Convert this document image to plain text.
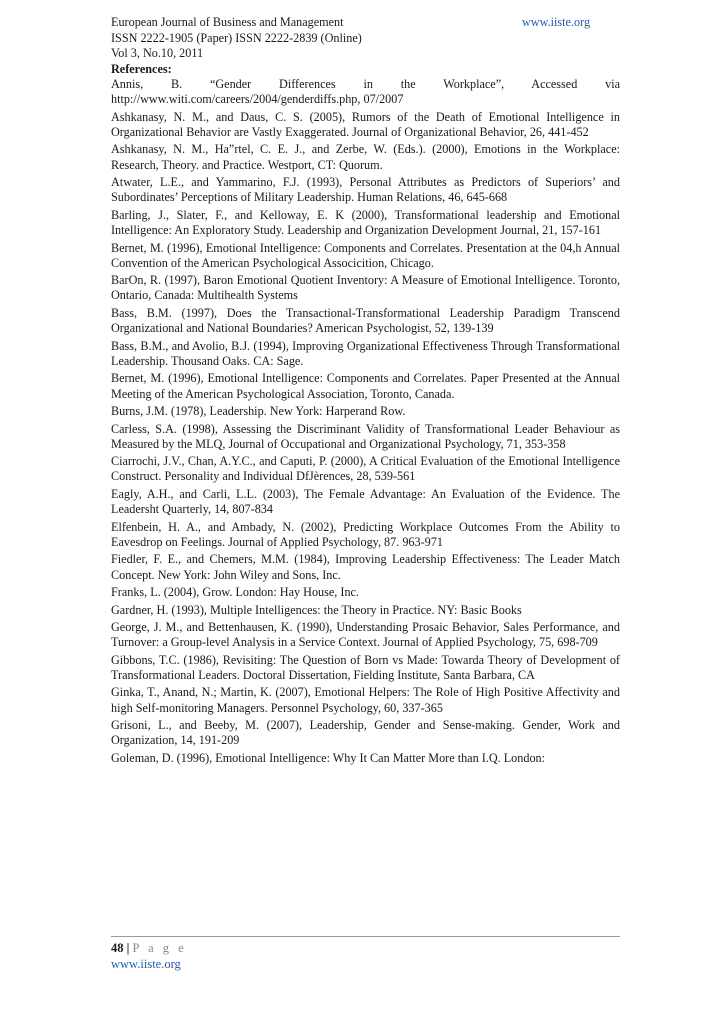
European Journal of Business and Management	www.iiste.org
ISSN 2222-1905 (Paper) ISSN 2222-2839 (Online)
Vol 3, No.10, 2011
References:

Annis, B. “Gender Differences in the Workplace”, Accessed via http://www.witi.com/careers/2004/genderdiffs.php, 07/2007

Ashkanasy, N. M., and Daus, C. S. (2005), Rumors of the Death of Emotional Intelligence in Organizational Behavior are Vastly Exaggerated. Journal of Organizational Behavior, 26, 441-452

Ashkanasy, N. M., Ha”rtel, C. E. J., and Zerbe, W. (Eds.). (2000), Emotions in the Workplace: Research, Theory. and Practice. Westport, CT: Quorum.

Atwater, L.E., and Yammarino, F.J. (1993), Personal Attributes as Predictors of Superiors’ and Subordinates’ Perceptions of Military Leadership. Human Relations, 46, 645-668

Barling, J., Slater, F., and Kelloway, E. K (2000), Transformational leadership and Emotional Intelligence: An Exploratory Study. Leadership and Organization Development Journal, 21, 157-161

Bernet, M. (1996), Emotional Intelligence: Components and Correlates. Presentation at the 04,h Annual Convention of the American Psychological Associcition, Chicago.

BarOn, R. (1997), Baron Emotional Quotient Inventory: A Measure of Emotional Intelligence. Toronto, Ontario, Canada: Multihealth Systems

Bass, B.M. (1997), Does the Transactional-Transformational Leadership Paradigm Transcend Organizational and National Boundaries? American Psychologist, 52, 139-139

Bass, B.M., and Avolio, B.J. (1994), Improving Organizational Effectiveness Through Transformational Leadership. Thousand Oaks. CA: Sage.

Bernet, M. (1996), Emotional Intelligence: Components and Correlates. Paper Presented at the Annual Meeting of the American Psychological Association, Toronto, Canada.

Burns, J.M. (1978), Leadership. New York: Harperand Row.

Carless, S.A. (1998), Assessing the Discriminant Validity of Transformational Leader Behaviour as Measured by the MLQ, Journal of Occupational and Organizational Psychology, 71, 353-358

Ciarrochi, J.V., Chan, A.Y.C., and Caputi, P. (2000), A Critical Evaluation of the Emotional Intelligence Construct. Personality and Individual DfJèrences, 28, 539-561

Eagly, A.H., and Carli, L.L. (2003), The Female Advantage: An Evaluation of the Evidence. The Leadersht Quarterly, 14, 807-834

Elfenbein, H. A., and Ambady, N. (2002), Predicting Workplace Outcomes From the Ability to Eavesdrop on Feelings. Journal of Applied Psychology, 87. 963-971

Fiedler, F. E., and Chemers, M.M. (1984), Improving Leadership Effectiveness: The Leader Match Concept. New York: John Wiley and Sons, Inc.

Franks, L. (2004), Grow. London: Hay House, Inc.

Gardner, H. (1993), Multiple Intelligences: the Theory in Practice. NY: Basic Books

George, J. M., and Bettenhausen, K. (1990), Understanding Prosaic Behavior, Sales Performance, and Turnover: a Group-level Analysis in a Service Context. Journal of Applied Psychology, 75, 698-709

Gibbons, T.C. (1986), Revisiting: The Question of Born vs Made: Towarda Theory of Development of Transformational Leaders. Doctoral Dissertation, Fielding Institute, Santa Barbara, CA

Ginka, T., Anand, N.; Martin, K. (2007), Emotional Helpers: The Role of High Positive Affectivity and high Self-monitoring Managers. Personnel Psychology, 60, 337-365

Grisoni, L., and Beeby, M. (2007), Leadership, Gender and Sense-making. Gender, Work and Organization, 14, 191-209

Goleman, D. (1996), Emotional Intelligence: Why It Can Matter More than I.Q. London:

48 | P a g e
www.iiste.org
